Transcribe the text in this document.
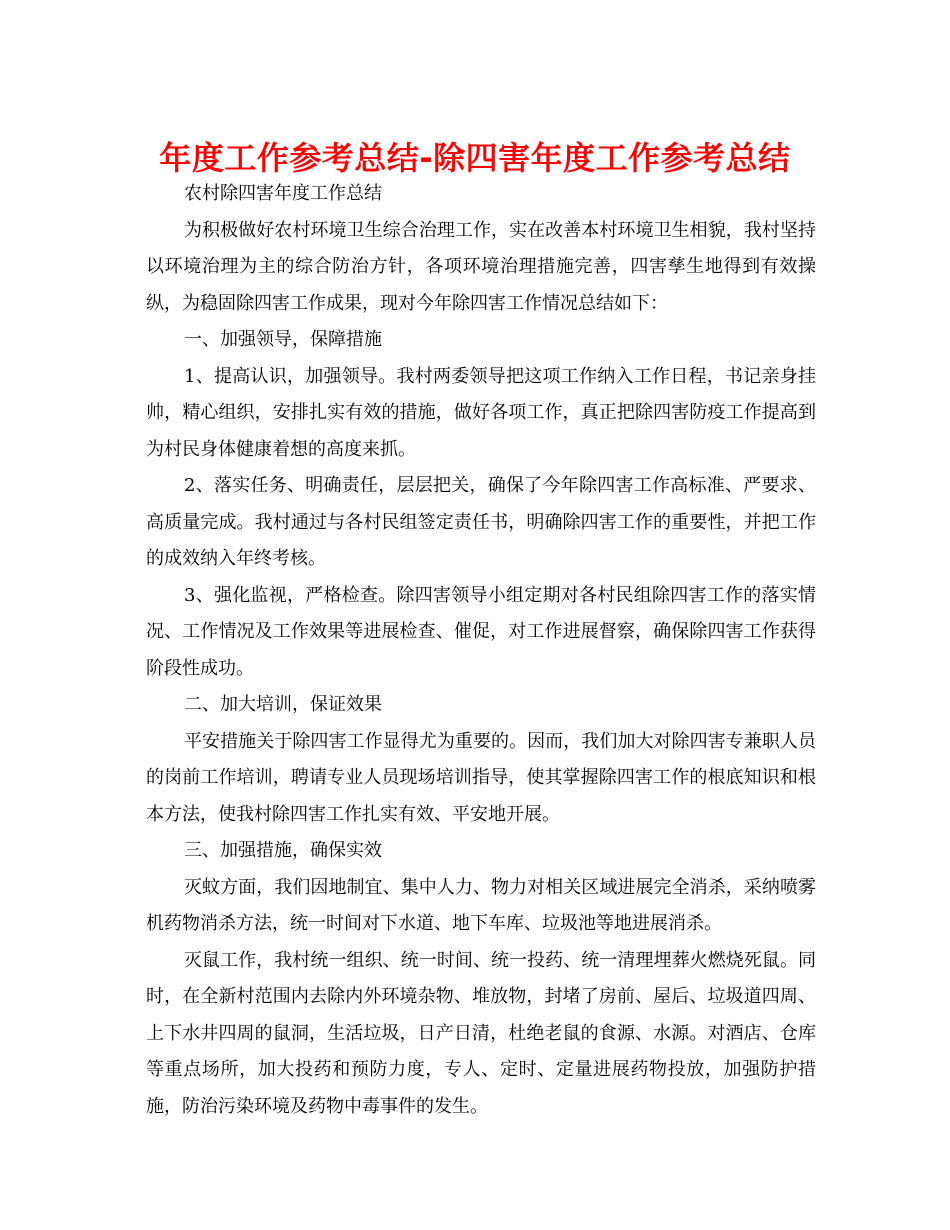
年度工作参考总结-除四害年度工作参考总结

农村除四害年度工作总结

为积极做好农村环境卫生综合治理工作，实在改善本村环境卫生相貌，我村坚持以环境治理为主的综合防治方针，各项环境治理措施完善，四害孳生地得到有效操纵，为稳固除四害工作成果，现对今年除四害工作情况总结如下：

一、加强领导，保障措施

1、提高认识，加强领导。我村两委领导把这项工作纳入工作日程，书记亲身挂帅，精心组织，安排扎实有效的措施，做好各项工作，真正把除四害防疫工作提高到为村民身体健康着想的高度来抓。

2、落实任务、明确责任，层层把关，确保了今年除四害工作高标准、严要求、高质量完成。我村通过与各村民组签定责任书，明确除四害工作的重要性，并把工作的成效纳入年终考核。

3、强化监视，严格检查。除四害领导小组定期对各村民组除四害工作的落实情况、工作情况及工作效果等进展检查、催促，对工作进展督察，确保除四害工作获得阶段性成功。

二、加大培训，保证效果

平安措施关于除四害工作显得尤为重要的。因而，我们加大对除四害专兼职人员的岗前工作培训，聘请专业人员现场培训指导，使其掌握除四害工作的根底知识和根本方法，使我村除四害工作扎实有效、平安地开展。

三、加强措施，确保实效

灭蚊方面，我们因地制宜、集中人力、物力对相关区域进展完全消杀，采纳喷雾机药物消杀方法，统一时间对下水道、地下车库、垃圾池等地进展消杀。

灭鼠工作，我村统一组织、统一时间、统一投药、统一清理埋葬火燃烧死鼠。同时，在全新村范围内去除内外环境杂物、堆放物，封堵了房前、屋后、垃圾道四周、上下水井四周的鼠洞，生活垃圾，日产日清，杜绝老鼠的食源、水源。对酒店、仓库等重点场所，加大投药和预防力度，专人、定时、定量进展药物投放，加强防护措施，防治污染环境及药物中毒事件的发生。
